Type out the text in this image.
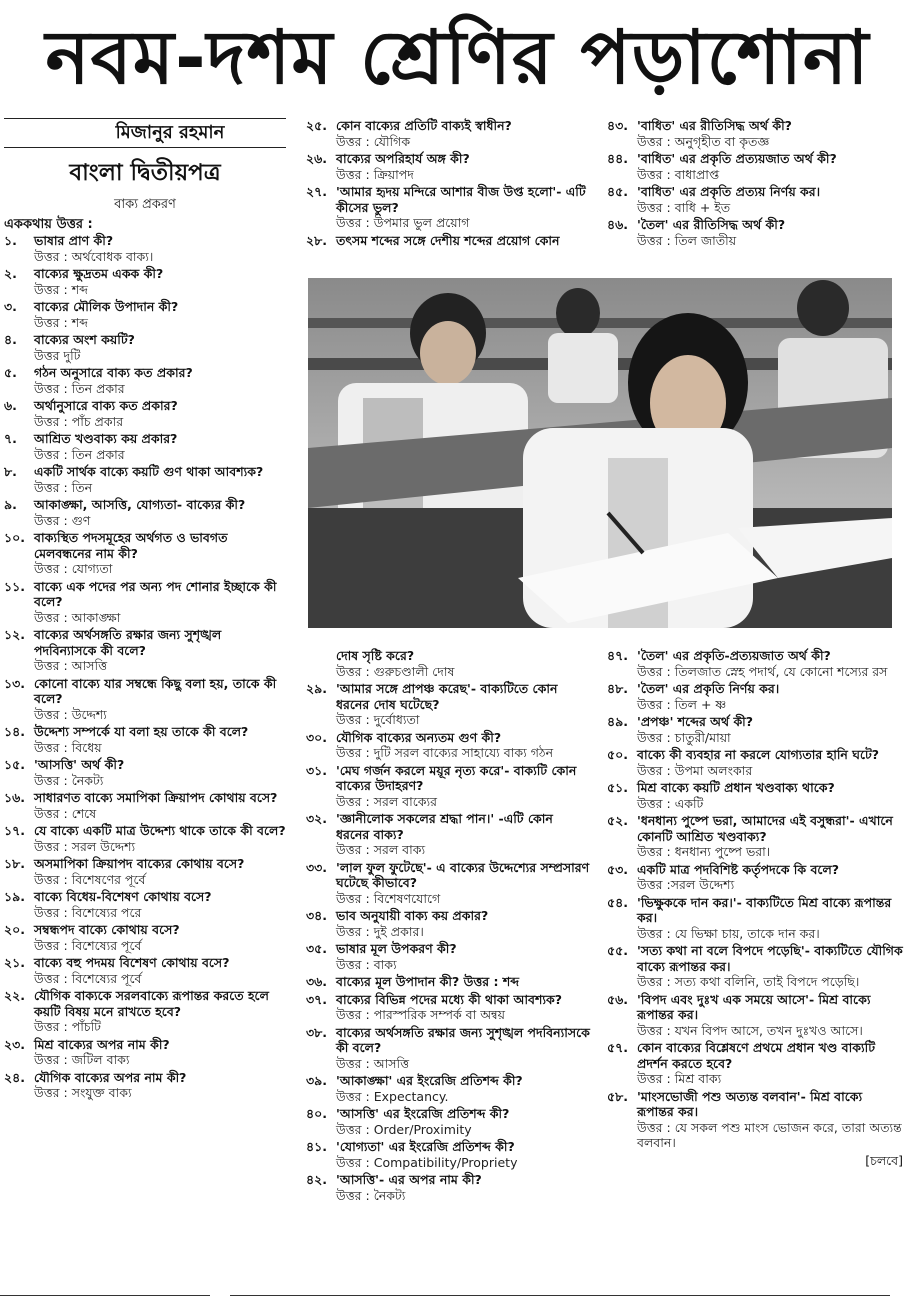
নবম-দশম শ্রেণির পড়াশোনা
মিজানুর রহমান
বাংলা দ্বিতীয়পত্র
বাক্য প্রকরণ
এককথায় উত্তর :
১.	ভাষার প্রাণ কী?
উত্তর : অর্থবোধক বাক্য।
২.	বাক্যের ক্ষুদ্রতম একক কী?
উত্তর : শব্দ
৩.	বাক্যের মৌলিক উপাদান কী?
উত্তর : শব্দ
৪.	বাক্যের অংশ কয়টি?
উত্তর দুটি
৫.	গঠন অনুসারে বাক্য কত প্রকার?
উত্তর : তিন প্রকার
৬.	অর্থানুসারে বাক্য কত প্রকার?
উত্তর : পাঁচ প্রকার
৭.	আশ্রিত খণ্ডবাক্য কয় প্রকার?
উত্তর : তিন প্রকার
৮.	একটি সার্থক বাক্যে কয়টি গুণ থাকা আবশ্যক?
উত্তর : তিন
৯.	আকাঙ্ক্ষা, আসত্তি, যোগ্যতা- বাক্যের কী?
উত্তর : গুণ
১০. বাক্যস্থিত পদসমূহের অর্থগত ও ভাবগত মেলবন্ধনের নাম কী?
উত্তর : যোগ্যতা
১১. বাক্যে এক পদের পর অন্য পদ শোনার ইচ্ছাকে কী বলে?
উত্তর : আকাঙ্ক্ষা
১২. বাক্যের অর্থসঙ্গতি রক্ষার জন্য সুশৃঙ্খল পদবিন্যাসকে কী বলে?
উত্তর : আসত্তি
১৩. কোনো বাক্যে যার সম্বন্ধে কিছু বলা হয়, তাকে কী বলে?
উত্তর : উদ্দেশ্য
১৪. উদ্দেশ্য সম্পর্কে যা বলা হয় তাকে কী বলে?
উত্তর : বিধেয়
১৫. 'আসত্তি' অর্থ কী?
উত্তর : নৈকট্য
১৬. সাধারণত বাক্যে সমাপিকা ক্রিয়াপদ কোথায় বসে?
উত্তর : শেষে
১৭. যে বাক্যে একটি মাত্র উদ্দেশ্য থাকে তাকে কী বলে?
উত্তর : সরল উদ্দেশ্য
১৮. অসমাপিকা ক্রিয়াপদ বাক্যের কোথায় বসে?
উত্তর : বিশেষণের পূর্বে
১৯. বাক্যে বিধেয়-বিশেষণ কোথায় বসে?
উত্তর : বিশেষ্যের পরে
২০. সম্বন্ধপদ বাক্যে কোথায় বসে?
উত্তর : বিশেষ্যের পূর্বে
২১. বাক্যে বহু পদময় বিশেষণ কোথায় বসে?
উত্তর : বিশেষ্যের পূর্বে
২২. যৌগিক বাক্যকে সরলবাক্যে রূপান্তর করতে হলে কয়টি বিষয় মনে রাখতে হবে?
উত্তর : পাঁচটি
২৩. মিশ্র বাক্যের অপর নাম কী?
উত্তর : জটিল বাক্য
২৪. যৌগিক বাক্যের অপর নাম কী?
উত্তর : সংযুক্ত বাক্য
২৫. কোন বাক্যের প্রতিটি বাক্যই স্বাধীন?
উত্তর : যৌগিক
২৬. বাক্যের অপরিহার্য অঙ্গ কী?
উত্তর : ক্রিয়াপদ
২৭. 'আমার হৃদয় মন্দিরে আশার বীজ উপ্ত হলো'- এটি কীসের ভুল?
উত্তর : উপমার ভুল প্রয়োগ
২৮. তৎসম শব্দের সঙ্গে দেশীয় শব্দের প্রয়োগ কোন
৪৩. 'বাধিত' এর রীতিসিদ্ধ অর্থ কী?
উত্তর : অনুগৃহীত বা কৃতজ্ঞ
৪৪. 'বাধিত' এর প্রকৃতি প্রত্যয়জাত অর্থ কী?
উত্তর : বাধাপ্রাপ্ত
৪৫. 'বাধিত' এর প্রকৃতি প্রত্যয় নির্ণয় কর।
উত্তর : বাধি + ইত
৪৬. 'তৈল' এর রীতিসিদ্ধ অর্থ কী?
উত্তর : তিল জাতীয়
দোষ সৃষ্টি করে?
উত্তর : গুরুচণ্ডালী দোষ
২৯. 'আমার সঙ্গে প্রাপঞ্চ করেছ'- বাক্যটিতে কোন ধরনের দোষ ঘটেছে?
উত্তর : দুর্বোধ্যতা
৩০. যৌগিক বাক্যের অন্যতম গুণ কী?
উত্তর : দুটি সরল বাক্যের সাহায্যে বাক্য গঠন
৩১. 'মেঘ গর্জন করলে ময়ূর নৃত্য করে'- বাক্যটি কোন বাক্যের উদাহরণ?
উত্তর : সরল বাক্যের
৩২. 'জ্ঞানীলোক সকলের শ্রদ্ধা পান।' -এটি কোন ধরনের বাক্য?
উত্তর : সরল বাক্য
৩৩. 'লাল ফুল ফুটেছে'- এ বাক্যের উদ্দেশ্যের সম্প্রসারণ ঘটেছে কীভাবে?
উত্তর : বিশেষণযোগে
৩৪. ভাব অনুযায়ী বাক্য কয় প্রকার?
উত্তর : দুই প্রকার।
৩৫. ভাষার মূল উপকরণ কী?
উত্তর : বাক্য
৩৬. বাক্যের মূল উপাদান কী? উত্তর : শব্দ
৩৭. বাক্যের বিভিন্ন পদের মধ্যে কী থাকা আবশ্যক?
উত্তর : পারস্পরিক সম্পর্ক বা অন্বয়
৩৮. বাক্যের অর্থসঙ্গতি রক্ষার জন্য সুশৃঙ্খল পদবিন্যাসকে কী বলে?
উত্তর : আসত্তি
৩৯. 'আকাঙ্ক্ষা' এর ইংরেজি প্রতিশব্দ কী?
উত্তর : Expectancy.
৪০. 'আসত্তি' এর ইংরেজি প্রতিশব্দ কী?
উত্তর : Order/Proximity
৪১. 'যোগ্যতা' এর ইংরেজি প্রতিশব্দ কী?
উত্তর : Compatibility/Propriety
৪২. 'আসত্তি'- এর অপর নাম কী?
উত্তর : নৈকট্য
৪৭. 'তৈল' এর প্রকৃতি-প্রত্যয়জাত অর্থ কী?
উত্তর : তিলজাত স্নেহ পদার্থ, যে কোনো শস্যের রস
৪৮. 'তৈল' এর প্রকৃতি নির্ণয় কর।
উত্তর : তিল + ষ্ণ
৪৯. 'প্রপঞ্চ' শব্দের অর্থ কী?
উত্তর : চাতুরী/মায়া
৫০. বাক্যে কী ব্যবহার না করলে যোগ্যতার হানি ঘটে?
উত্তর : উপমা অলংকার
৫১. মিশ্র বাক্যে কয়টি প্রধান খণ্ডবাক্য থাকে?
উত্তর : একটি
৫২. 'ধনধান্য পুষ্পে ভরা, আমাদের এই বসুন্ধরা'- এখানে কোনটি আশ্রিত খণ্ডবাক্য?
উত্তর : ধনধান্য পুষ্পে ভরা।
৫৩. একটি মাত্র পদবিশিষ্ট কর্তৃপদকে কি বলে?
উত্তর :সরল উদ্দেশ্য
৫৪. 'ভিক্ষুককে দান কর।'- বাক্যটিতে মিশ্র বাক্যে রূপান্তর কর।
উত্তর : যে ভিক্ষা চায়, তাকে দান কর।
৫৫. 'সত্য কথা না বলে বিপদে পড়েছি'- বাক্যটিতে যৌগিক বাক্যে রূপান্তর কর।
উত্তর : সত্য কথা বলিনি, তাই বিপদে পড়েছি।
৫৬. 'বিপদ এবং দুঃখ এক সময়ে আসে'- মিশ্র বাক্যে রূপান্তর কর।
উত্তর : যখন বিপদ আসে, তখন দুঃখও আসে।
৫৭. কোন বাক্যের বিশ্লেষণে প্রথমে প্রধান খণ্ড বাক্যটি প্রদর্শন করতে হবে?
উত্তর : মিশ্র বাক্য
৫৮. 'মাংসভোজী পশু অত্যন্ত বলবান'- মিশ্র বাক্যে রূপান্তর কর।
উত্তর : যে সকল পশু মাংস ভোজন করে, তারা অত্যন্ত বলবান।
[চলবে]
